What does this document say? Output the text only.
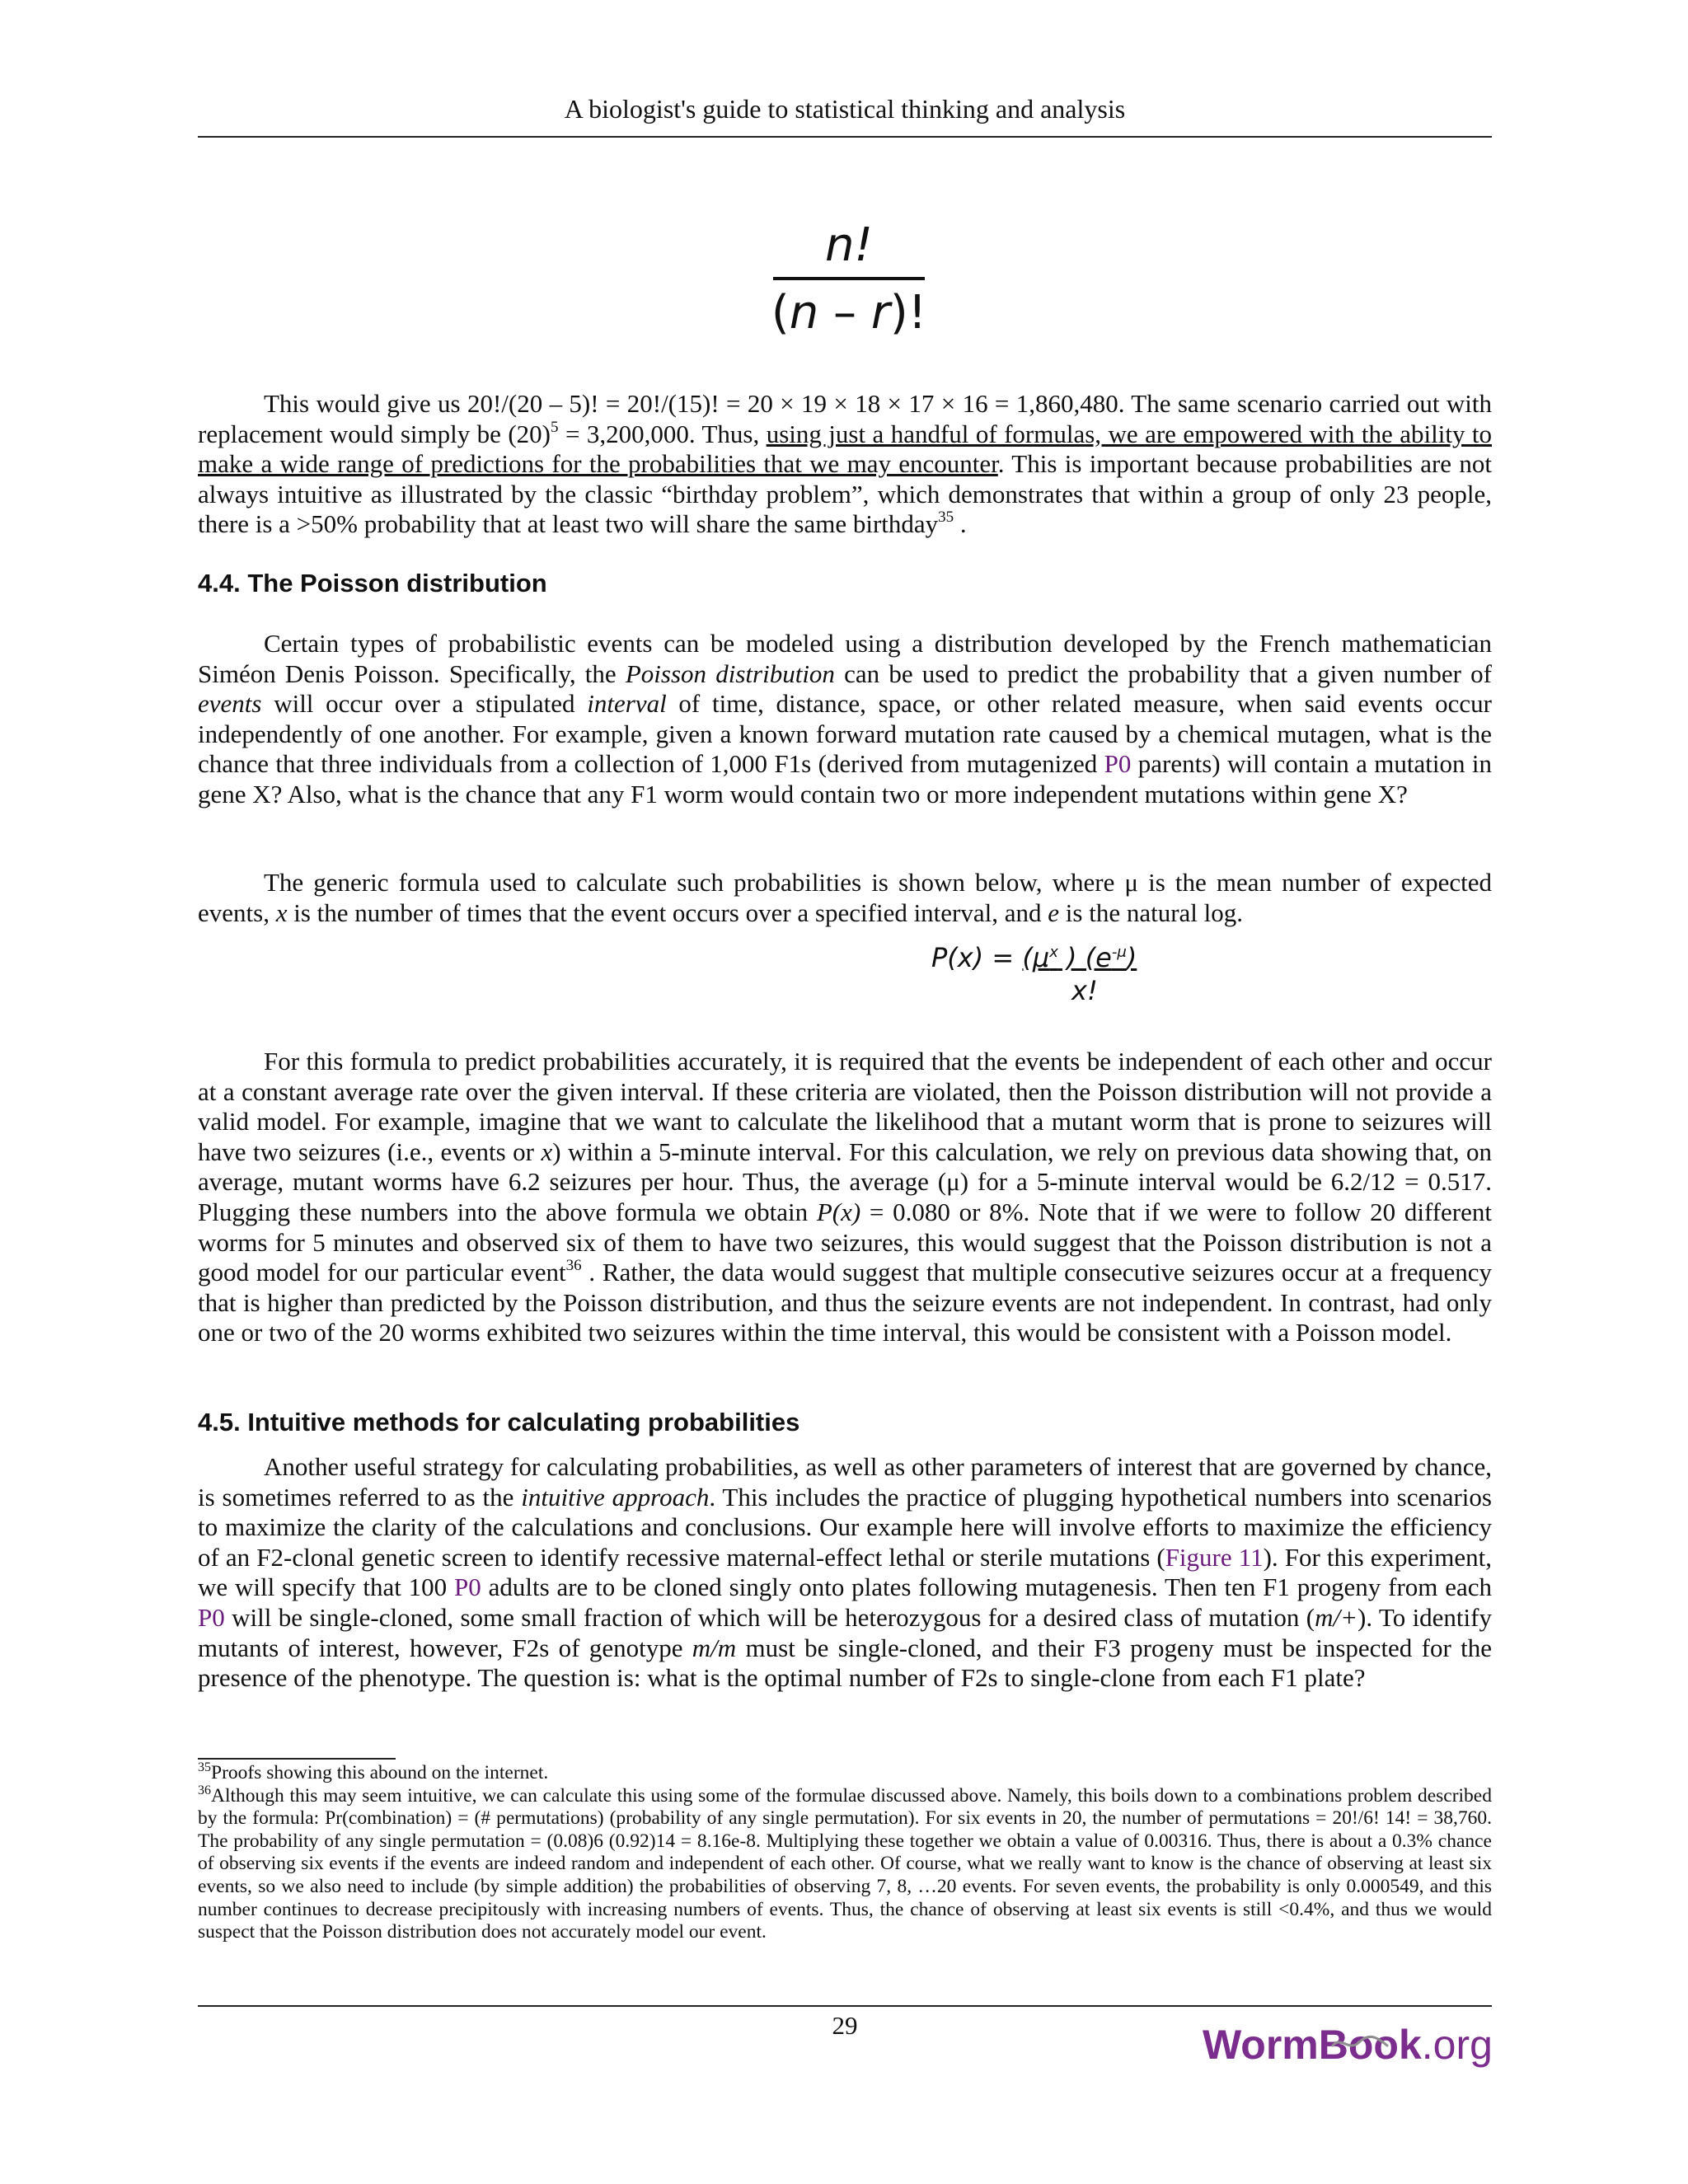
A biologist's guide to statistical thinking and analysis
n!
(n – r)!

This would give us 20!/(20 – 5)! = 20!/(15)! = 20 × 19 × 18 × 17 × 16 = 1,860,480. The same scenario carried out with replacement would simply be $(20)^5 = 3,200,000$. Thus, using just a handful of formulas, we are empowered with the ability to make a wide range of predictions for the probabilities that we may encounter. This is important because probabilities are not always intuitive as illustrated by the classic “birthday problem”, which demonstrates that within a group of only 23 people, there is a >50% probability that at least two will share the same birthday$^{35}$ .

4.4. The Poisson distribution

Certain types of probabilistic events can be modeled using a distribution developed by the French mathematician Siméon Denis Poisson. Specifically, the Poisson distribution can be used to predict the probability that a given number of events will occur over a stipulated interval of time, distance, space, or other related measure, when said events occur independently of one another. For example, given a known forward mutation rate caused by a chemical mutagen, what is the chance that three individuals from a collection of 1,000 F1s (derived from mutagenized P0 parents) will contain a mutation in gene X? Also, what is the chance that any F1 worm would contain two or more independent mutations within gene X?

The generic formula used to calculate such probabilities is shown below, where μ is the mean number of expected events, x is the number of times that the event occurs over a specified interval, and e is the natural log.

$P(x) = (\mu^x$ ) $(e^{-\mu})$
x!

For this formula to predict probabilities accurately, it is required that the events be independent of each other and occur at a constant average rate over the given interval. If these criteria are violated, then the Poisson distribution will not provide a valid model. For example, imagine that we want to calculate the likelihood that a mutant worm that is prone to seizures will have two seizures (i.e., events or x) within a 5-minute interval. For this calculation, we rely on previous data showing that, on average, mutant worms have 6.2 seizures per hour. Thus, the average (μ) for a 5-minute interval would be 6.2/12 = 0.517. Plugging these numbers into the above formula we obtain P(x) = 0.080 or 8%. Note that if we were to follow 20 different worms for 5 minutes and observed six of them to have two seizures, this would suggest that the Poisson distribution is not a good model for our particular event$^{36}$ . Rather, the data would suggest that multiple consecutive seizures occur at a frequency that is higher than predicted by the Poisson distribution, and thus the seizure events are not independent. In contrast, had only one or two of the 20 worms exhibited two seizures within the time interval, this would be consistent with a Poisson model.

4.5. Intuitive methods for calculating probabilities

Another useful strategy for calculating probabilities, as well as other parameters of interest that are governed by chance, is sometimes referred to as the intuitive approach. This includes the practice of plugging hypothetical numbers into scenarios to maximize the clarity of the calculations and conclusions. Our example here will involve efforts to maximize the efficiency of an F2-clonal genetic screen to identify recessive maternal-effect lethal or sterile mutations (Figure 11). For this experiment, we will specify that 100 P0 adults are to be cloned singly onto plates following mutagenesis. Then ten F1 progeny from each P0 will be single-cloned, some small fraction of which will be heterozygous for a desired class of mutation (m/+). To identify mutants of interest, however, F2s of genotype m/m must be single-cloned, and their F3 progeny must be inspected for the presence of the phenotype. The question is: what is the optimal number of F2s to single-clone from each F1 plate?

$^{35}$Proofs showing this abound on the internet.

$^{36}$Although this may seem intuitive, we can calculate this using some of the formulae discussed above. Namely, this boils down to a combinations problem described by the formula: Pr(combination) = (# permutations) (probability of any single permutation). For six events in 20, the number of permutations = 20!/6! 14! = 38,760. The probability of any single permutation = (0.08)6 (0.92)14 = 8.16e-8. Multiplying these together we obtain a value of 0.00316. Thus, there is about a 0.3% chance of observing six events if the events are indeed random and independent of each other. Of course, what we really want to know is the chance of observing at least six events, so we also need to include (by simple addition) the probabilities of observing 7, 8, …20 events. For seven events, the probability is only 0.000549, and this number continues to decrease precipitously with increasing numbers of events. Thus, the chance of observing at least six events is still <0.4%, and thus we would suspect that the Poisson distribution does not accurately model our event.

29	WormBook.org
